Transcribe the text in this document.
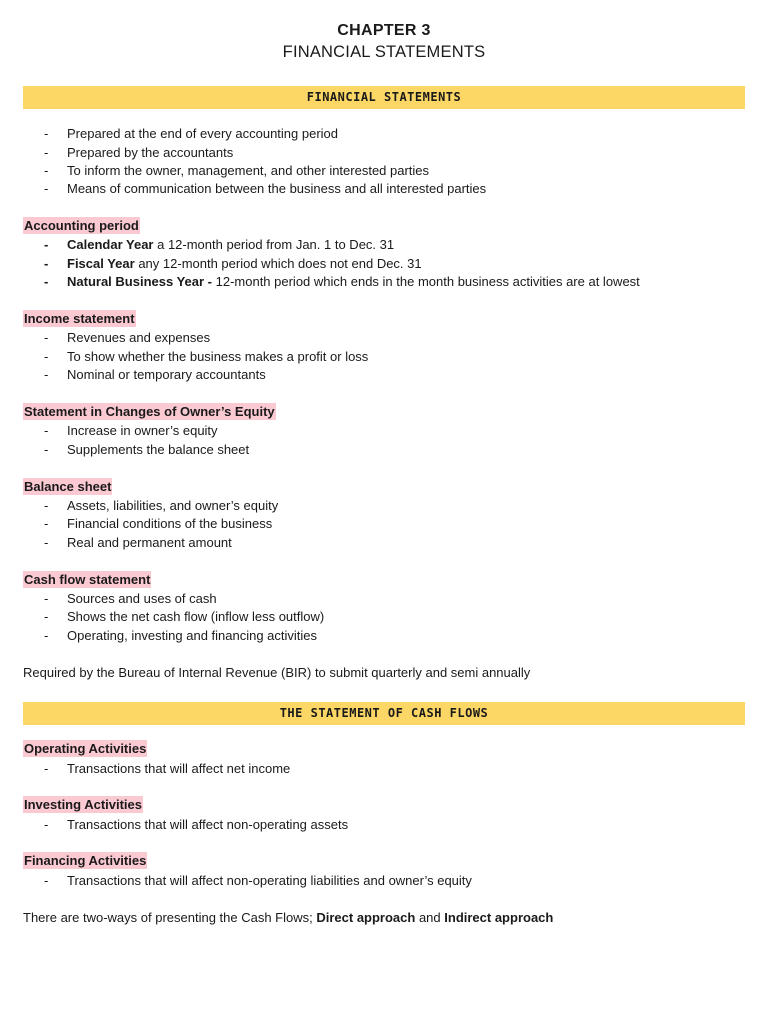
CHAPTER 3
FINANCIAL STATEMENTS
FINANCIAL STATEMENTS
- Prepared at the end of every accounting period
- Prepared by the accountants
- To inform the owner, management, and other interested parties
- Means of communication between the business and all interested parties
Accounting period
- Calendar Year a 12-month period from Jan. 1 to Dec. 31
- Fiscal Year any 12-month period which does not end Dec. 31
- Natural Business Year - 12-month period which ends in the month business activities are at lowest
Income statement
- Revenues and expenses
- To show whether the business makes a profit or loss
- Nominal or temporary accountants
Statement in Changes of Owner’s Equity
- Increase in owner’s equity
- Supplements the balance sheet
Balance sheet
- Assets, liabilities, and owner’s equity
- Financial conditions of the business
- Real and permanent amount
Cash flow statement
- Sources and uses of cash
- Shows the net cash flow (inflow less outflow)
- Operating, investing and financing activities
Required by the Bureau of Internal Revenue (BIR) to submit quarterly and semi annually
THE STATEMENT OF CASH FLOWS
Operating Activities
- Transactions that will affect net income
Investing Activities
- Transactions that will affect non-operating assets
Financing Activities
- Transactions that will affect non-operating liabilities and owner’s equity
There are two-ways of presenting the Cash Flows; Direct approach and Indirect approach
